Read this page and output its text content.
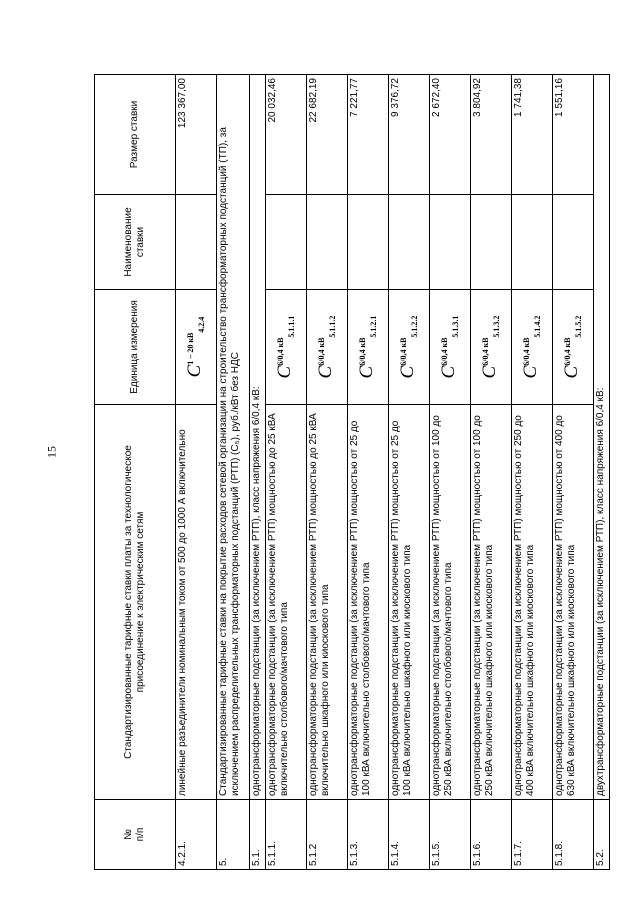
15
№
п/п	Стандартизированные тарифные ставки платы за технологическое присоединение к электрическим сетям	Единица измерения	Наименование ставки	Размер ставки
4.2.1.	линейные разъединители номинальным током от 500 до 1000 А включительно	$C^{1 - 20 кВ}_{4.2.4}$		123 367,00
5.	Стандартизированные тарифные ставки на покрытие расходов сетевой организации на строительство трансформаторных подстанций (ТП), за исключением распределительных трансформаторных подстанций (РТП) (С₅), руб./кВт без НДС			
5.1.	однотрансформаторные подстанции (за исключением РТП), класс напряжения 6/0,4 кВ:			
5.1.1.	однотрансформаторные подстанции (за исключением РТП) мощностью до 25 кВА включительно столбового/мачтового типа	$C^{6/0,4 кВ}_{5.1.1.1}$		20 032,46
5.1.2	однотрансформаторные подстанции (за исключением РТП) мощностью до 25 кВА включительно шкафного или киоскового типа	$C^{6/0,4 кВ}_{5.1.1.2}$		22 682,19
5.1.3.	однотрансформаторные подстанции (за исключением РТП) мощностью от 25 до 100 кВА включительно столбового/мачтового типа	$C^{6/0,4 кВ}_{5.1.2.1}$		7 221,77
5.1.4.	однотрансформаторные подстанции (за исключением РТП) мощностью от 25 до 100 кВА включительно шкафного или киоскового типа	$C^{6/0,4 кВ}_{5.1.2.2}$		9 376,72
5.1.5.	однотрансформаторные подстанции (за исключением РТП) мощностью от 100 до 250 кВА включительно столбового/мачтового типа	$C^{6/0,4 кВ}_{5.1.3.1}$		2 672,40
5.1.6.	однотрансформаторные подстанции (за исключением РТП) мощностью от 100 до 250 кВА включительно шкафного или киоскового типа	$C^{6/0,4 кВ}_{5.1.3.2}$		3 804,92
5.1.7.	однотрансформаторные подстанции (за исключением РТП) мощностью от 250 до 400 кВА включительно шкафного или киоскового типа	$C^{6/0,4 кВ}_{5.1.4.2}$		1 741,38
5.1.8.	однотрансформаторные подстанции (за исключением РТП) мощностью от 400 до 630 кВА включительно шкафного или киоскового типа	$C^{6/0,4 кВ}_{5.1.5.2}$		1 551,16
5.2.	двухтрансформаторные подстанции (за исключением РТП), класс напряжения 6/0,4 кВ:			
